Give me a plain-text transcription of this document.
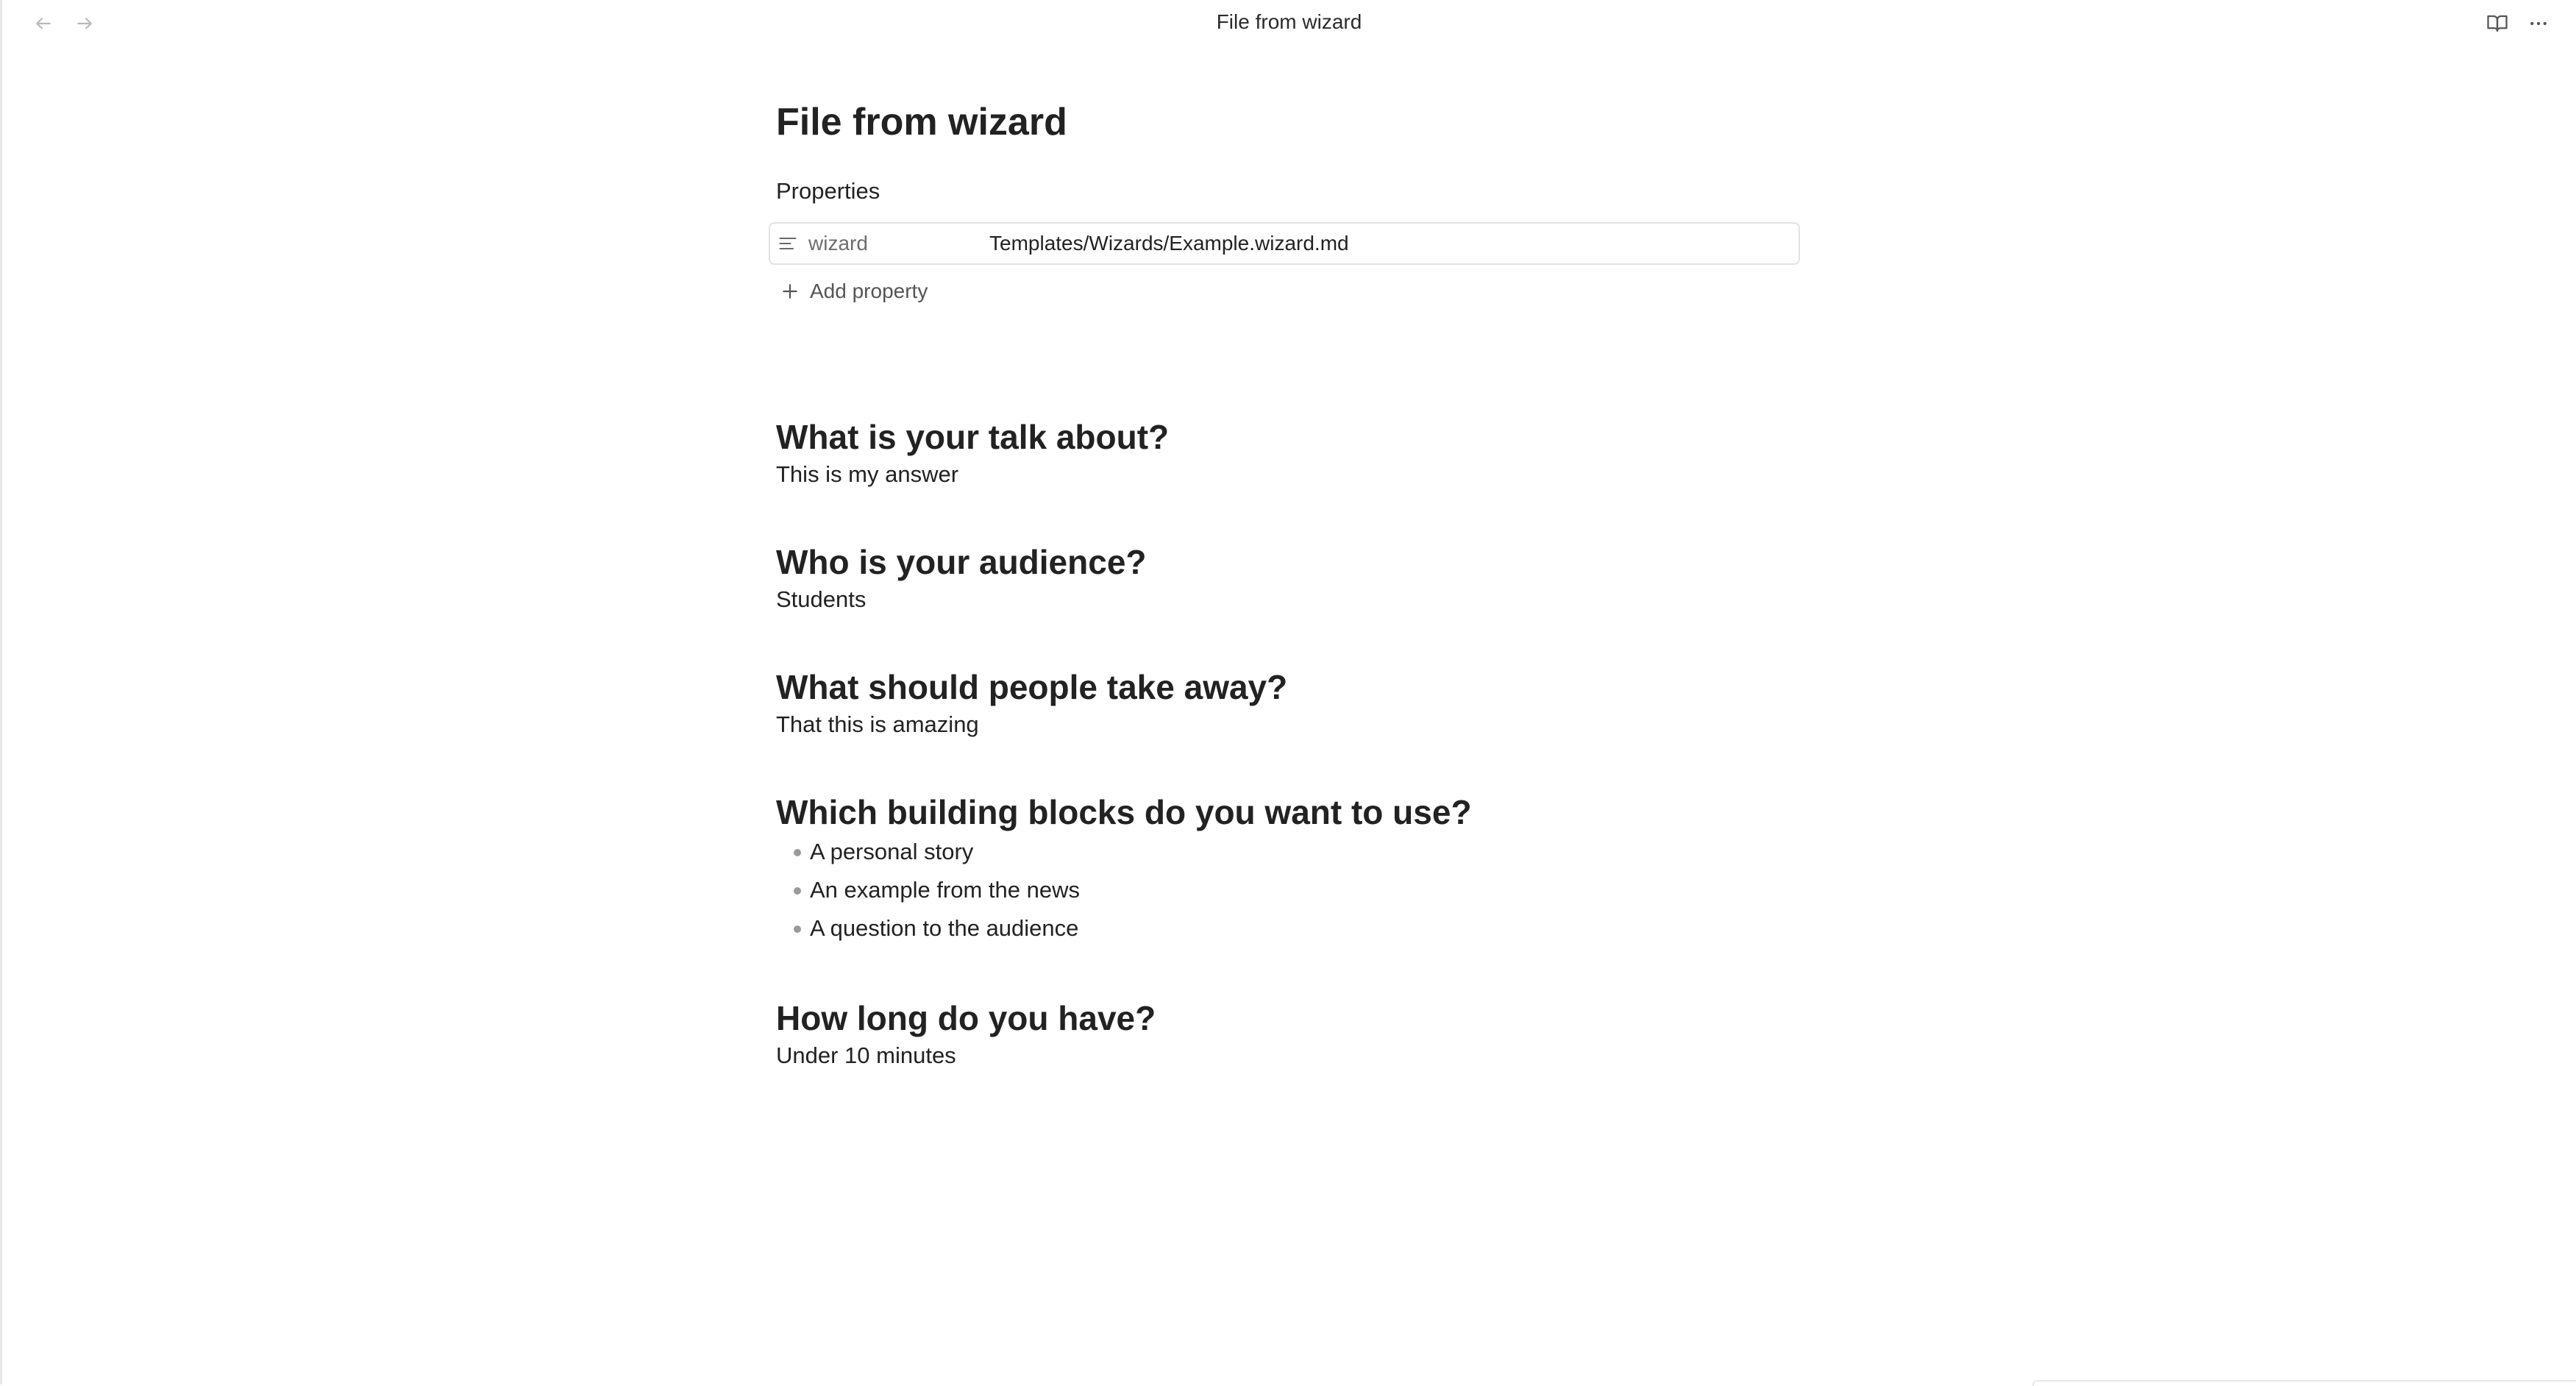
File from wizard
File from wizard
Properties
wizard	Templates/Wizards/Example.wizard.md
Add property
What is your talk about?

This is my answer

Who is your audience?

Students

What should people take away?

That this is amazing

Which building blocks do you want to use?
A personal story
An example from the news
A question to the audience
How long do you have?

Under 10 minutes
